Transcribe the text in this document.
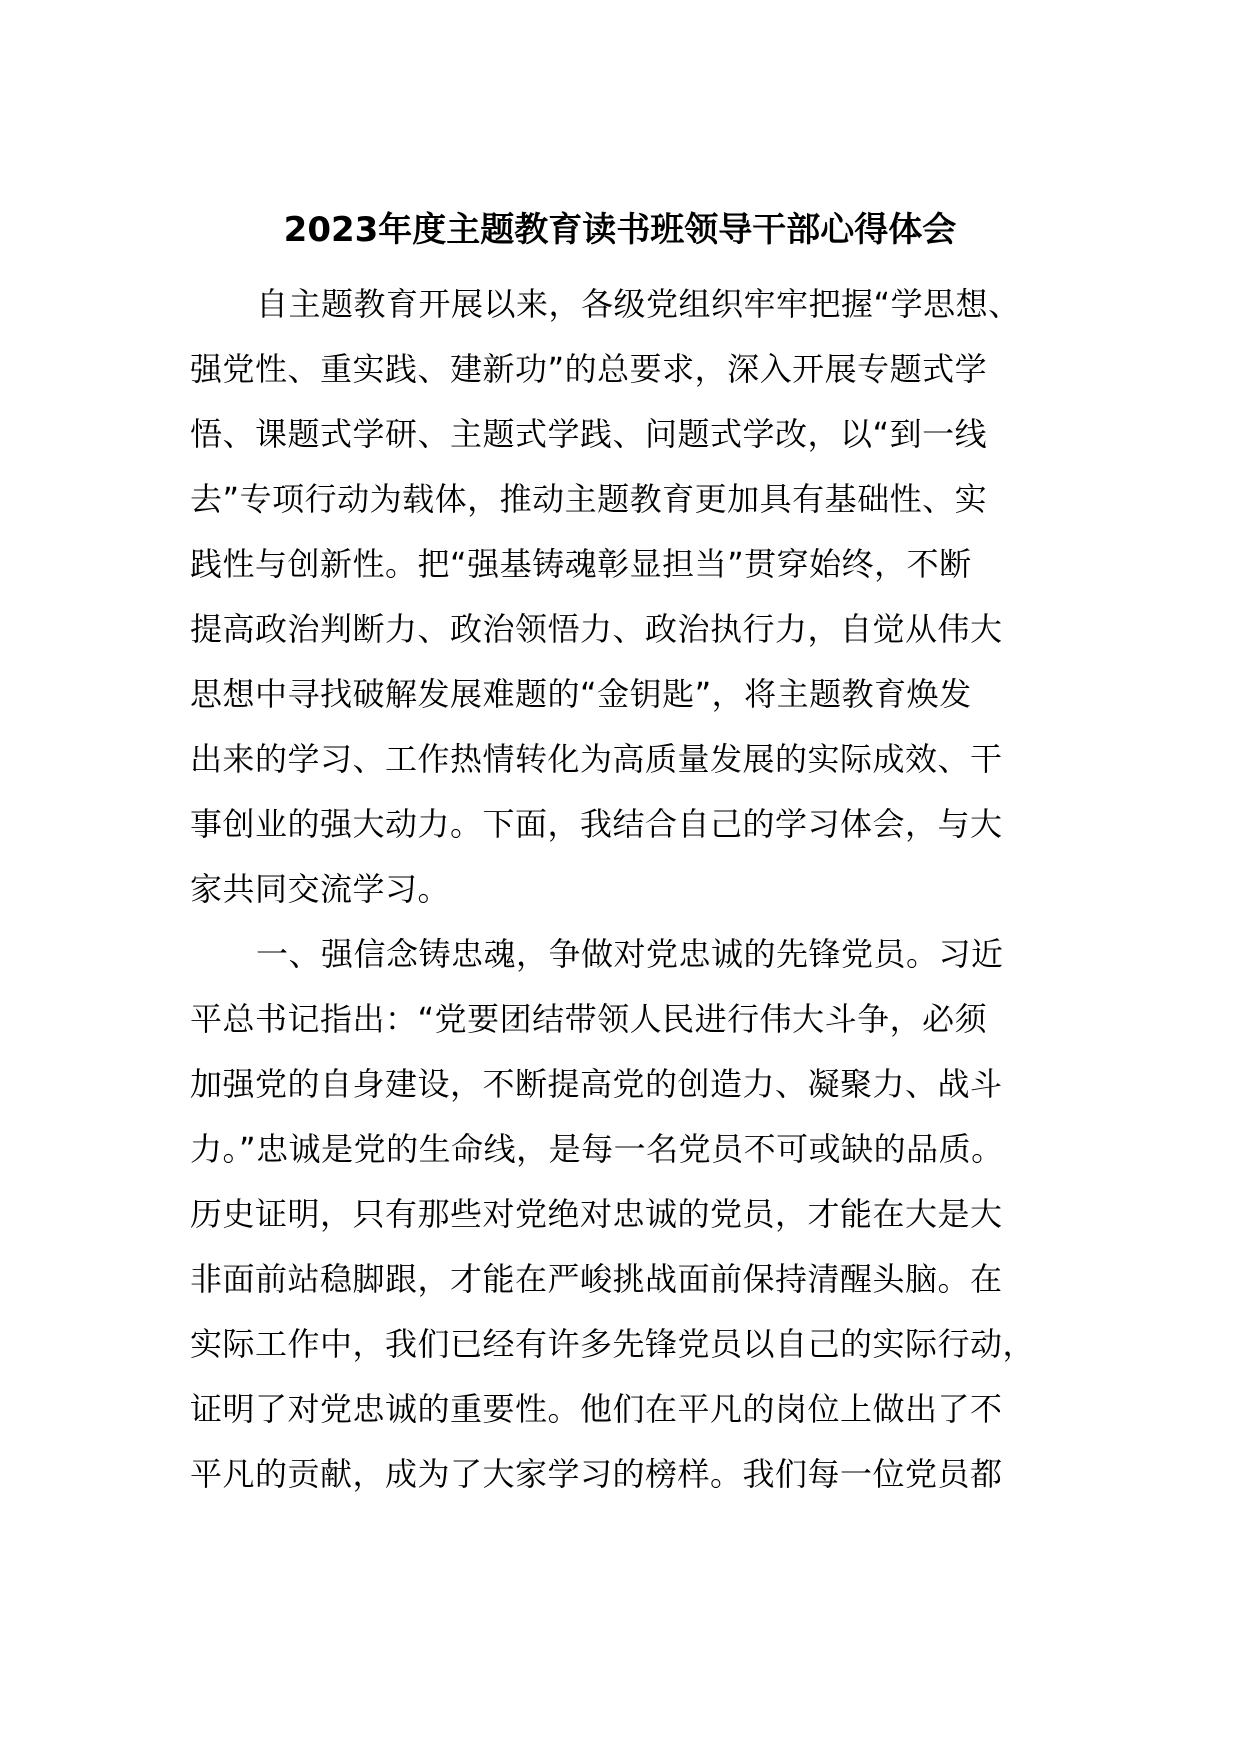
2023年度主题教育读书班领导干部心得体会

自主题教育开展以来，各级党组织牢牢把握“学思想、
强党性、重实践、建新功”的总要求，深入开展专题式学
悟、课题式学研、主题式学践、问题式学改，以“到一线
去”专项行动为载体，推动主题教育更加具有基础性、实
践性与创新性。把“强基铸魂彰显担当”贯穿始终，不断
提高政治判断力、政治领悟力、政治执行力，自觉从伟大
思想中寻找破解发展难题的“金钥匙”，将主题教育焕发
出来的学习、工作热情转化为高质量发展的实际成效、干
事创业的强大动力。下面，我结合自己的学习体会，与大
家共同交流学习。

一、强信念铸忠魂，争做对党忠诚的先锋党员。习近
平总书记指出：“党要团结带领人民进行伟大斗争，必须
加强党的自身建设，不断提高党的创造力、凝聚力、战斗
力。”忠诚是党的生命线，是每一名党员不可或缺的品质。
历史证明，只有那些对党绝对忠诚的党员，才能在大是大
非面前站稳脚跟，才能在严峻挑战面前保持清醒头脑。在
实际工作中，我们已经有许多先锋党员以自己的实际行动，
证明了对党忠诚的重要性。他们在平凡的岗位上做出了不
平凡的贡献，成为了大家学习的榜样。我们每一位党员都
